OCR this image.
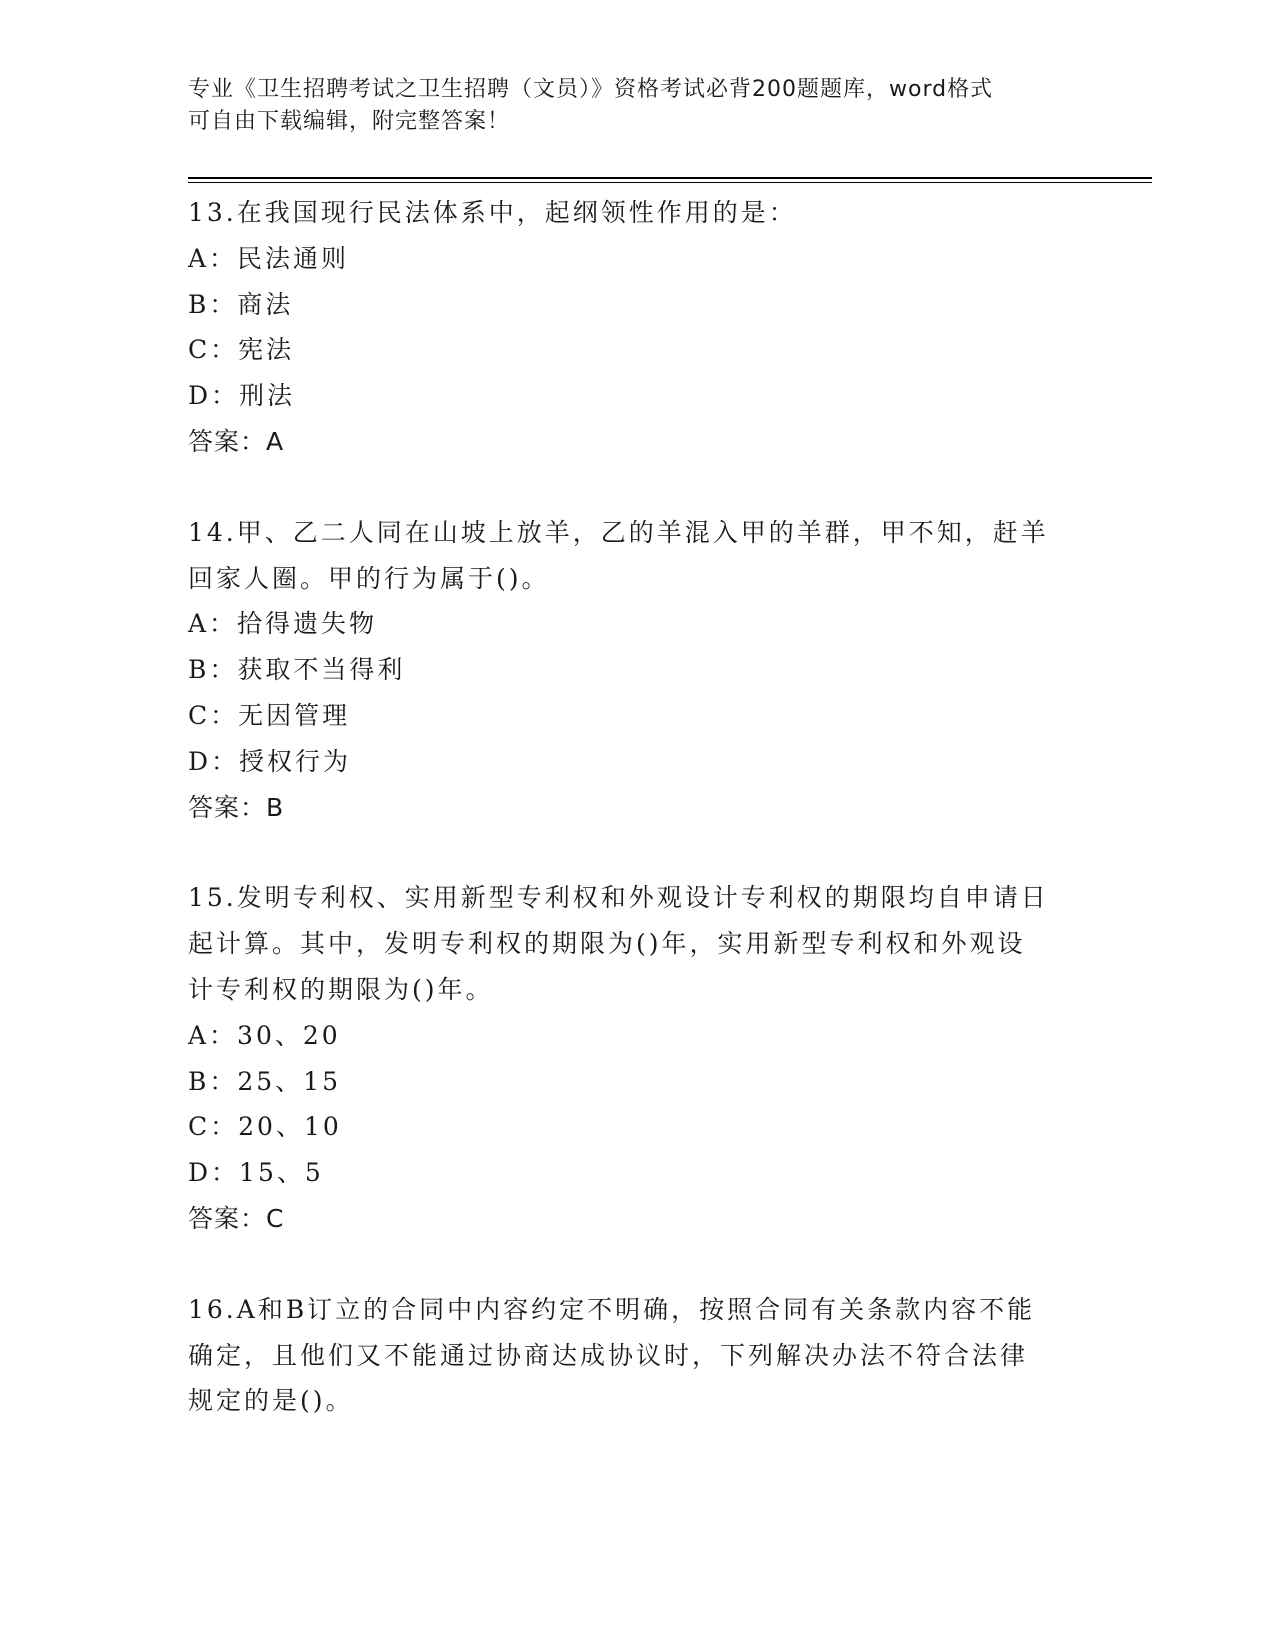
专业《卫生招聘考试之卫生招聘（文员）》资格考试必背200题题库，word格式
可自由下载编辑，附完整答案！
13.在我国现行民法体系中，起纲领性作用的是：
A：民法通则
B：商法
C：宪法
D：刑法
答案：A
14.甲、乙二人同在山坡上放羊，乙的羊混入甲的羊群，甲不知，赶羊
回家人圈。甲的行为属于()。
A：拾得遗失物
B：获取不当得利
C：无因管理
D：授权行为
答案：B
15.发明专利权、实用新型专利权和外观设计专利权的期限均自申请日
起计算。其中，发明专利权的期限为()年，实用新型专利权和外观设
计专利权的期限为()年。
A：30、20
B：25、15
C：20、10
D：15、5
答案：C
16.A和B订立的合同中内容约定不明确，按照合同有关条款内容不能
确定，且他们又不能通过协商达成协议时，下列解决办法不符合法律
规定的是()。
